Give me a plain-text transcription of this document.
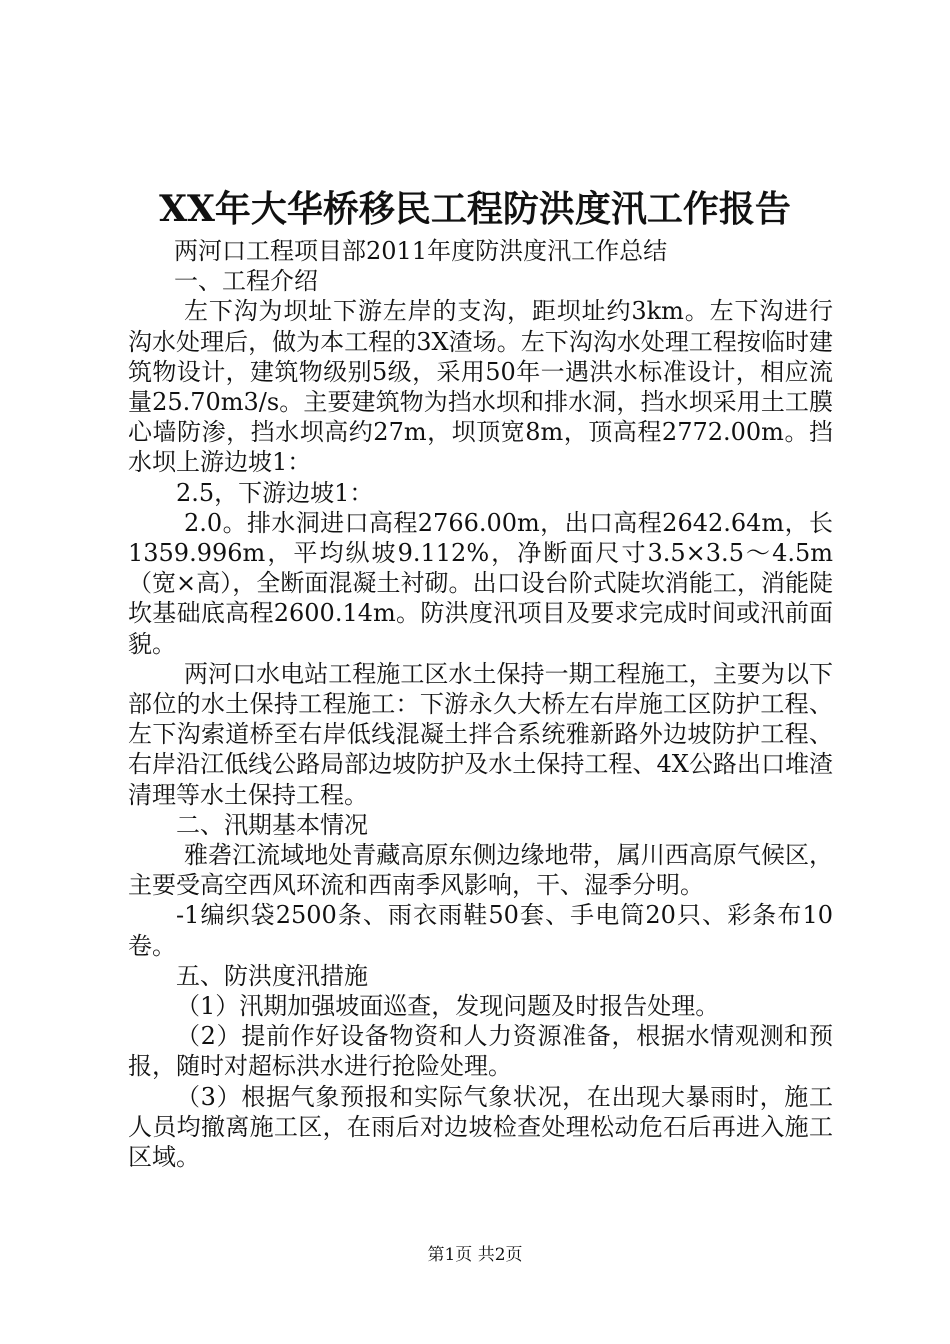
XX年大华桥移民工程防洪度汛工作报告

两河口工程项目部2011年度防洪度汛工作总结

一、工程介绍

左下沟为坝址下游左岸的支沟，距坝址约3km。左下沟进行沟水处理后，做为本工程的3X渣场。左下沟沟水处理工程按临时建筑物设计，建筑物级别5级，采用50年一遇洪水标准设计，相应流量25.70m3/s。主要建筑物为挡水坝和排水洞，挡水坝采用土工膜心墙防渗，挡水坝高约27m，坝顶宽8m，顶高程2772.00m。挡水坝上游边坡1：

2.5，下游边坡1：

2.0。排水洞进口高程2766.00m，出口高程2642.64m，长1359.996m，平均纵坡9.112%，净断面尺寸3.5×3.5～4.5m（宽×高），全断面混凝土衬砌。出口设台阶式陡坎消能工，消能陡坎基础底高程2600.14m。防洪度汛项目及要求完成时间或汛前面貌。

两河口水电站工程施工区水土保持一期工程施工，主要为以下部位的水土保持工程施工：下游永久大桥左右岸施工区防护工程、左下沟索道桥至右岸低线混凝土拌合系统雅新路外边坡防护工程、右岸沿江低线公路局部边坡防护及水土保持工程、4X公路出口堆渣清理等水土保持工程。

二、汛期基本情况

雅砻江流域地处青藏高原东侧边缘地带，属川西高原气候区，主要受高空西风环流和西南季风影响，干、湿季分明。

-1编织袋2500条、雨衣雨鞋50套、手电筒20只、彩条布10卷。

五、防洪度汛措施

（1）汛期加强坡面巡查，发现问题及时报告处理。

（2）提前作好设备物资和人力资源准备，根据水情观测和预报，随时对超标洪水进行抢险处理。

（3）根据气象预报和实际气象状况，在出现大暴雨时，施工人员均撤离施工区，在雨后对边坡检查处理松动危石后再进入施工区域。

第1页 共2页
